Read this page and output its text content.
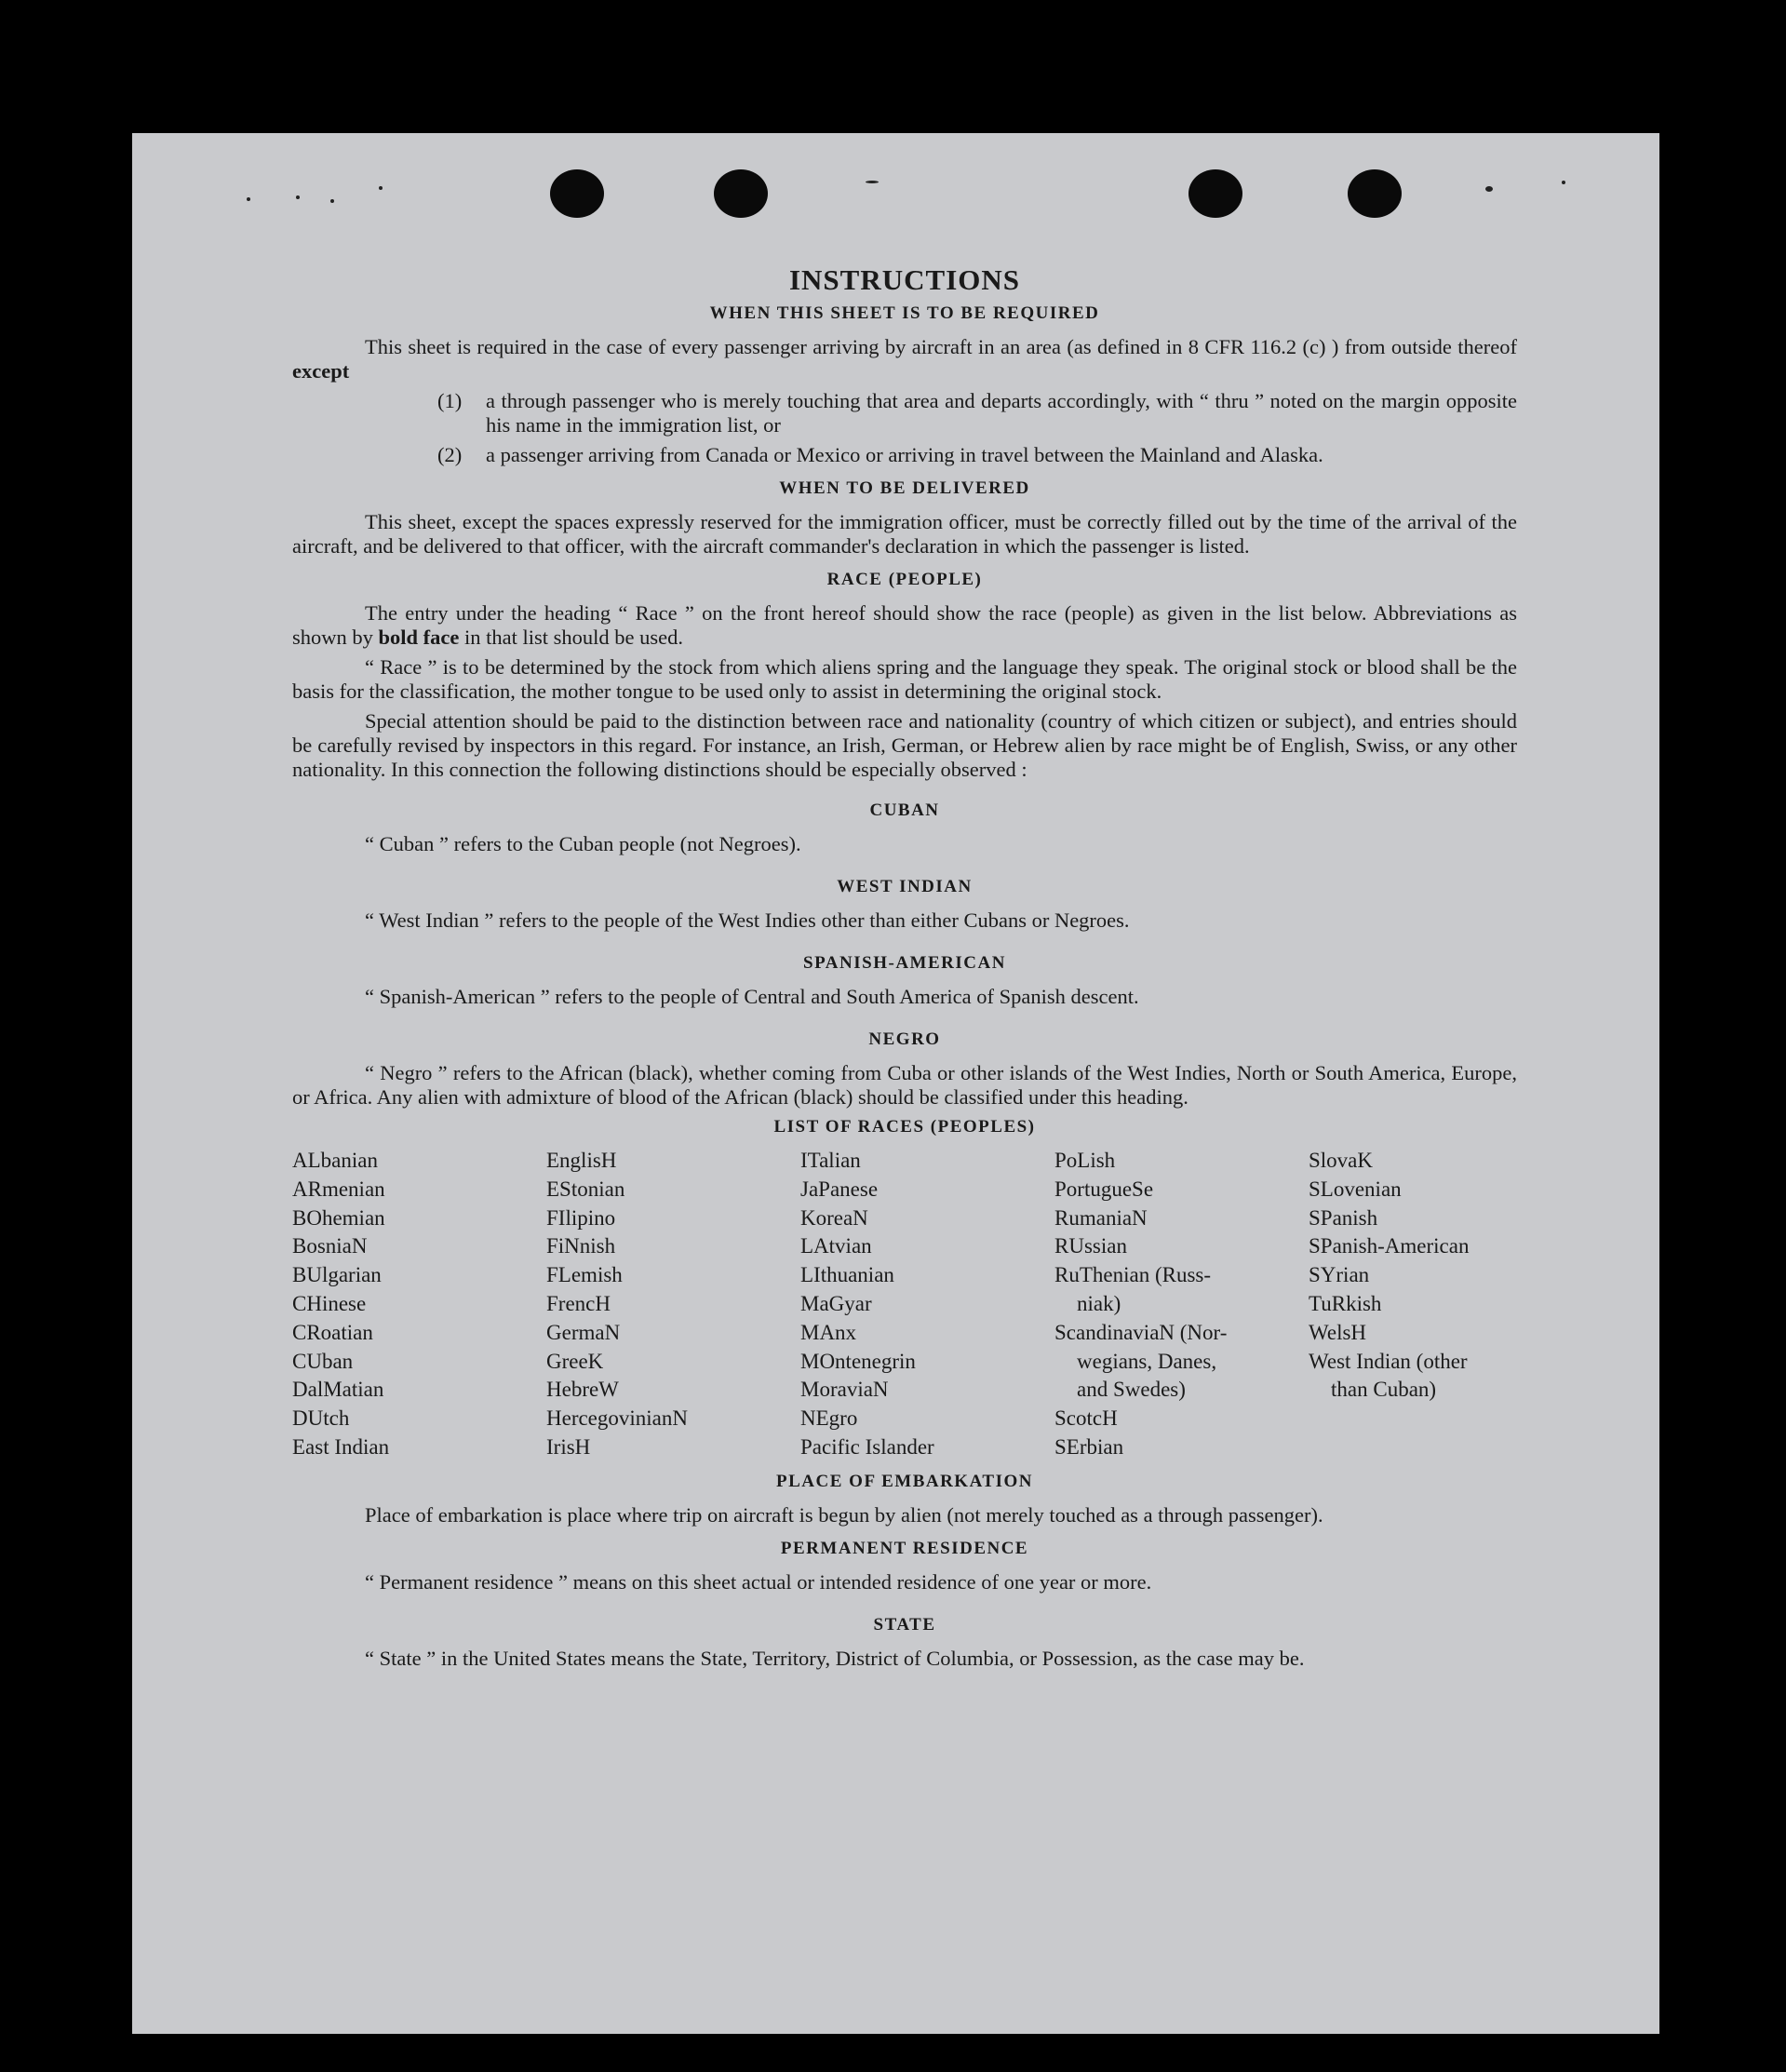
INSTRUCTIONS
WHEN THIS SHEET IS TO BE REQUIRED
This sheet is required in the case of every passenger arriving by aircraft in an area (as defined in 8 CFR 116.2 (c) ) from outside thereof except
(1)	a through passenger who is merely touching that area and departs accordingly, with “ thru ” noted on the margin opposite his name in the immigration list, or
(2)	a passenger arriving from Canada or Mexico or arriving in travel between the Mainland and Alaska.
WHEN TO BE DELIVERED
This sheet, except the spaces expressly reserved for the immigration officer, must be correctly filled out by the time of the arrival of the aircraft, and be delivered to that officer, with the aircraft commander's declaration in which the passenger is listed.
RACE (PEOPLE)
The entry under the heading “ Race ” on the front hereof should show the race (people) as given in the list below. Abbreviations as shown by bold face in that list should be used.
“ Race ” is to be determined by the stock from which aliens spring and the language they speak. The original stock or blood shall be the basis for the classification, the mother tongue to be used only to assist in determining the original stock.
Special attention should be paid to the distinction between race and nationality (country of which citizen or subject), and entries should be carefully revised by inspectors in this regard. For instance, an Irish, German, or Hebrew alien by race might be of English, Swiss, or any other nationality. In this connection the following distinctions should be especially observed :
CUBAN
“ Cuban ” refers to the Cuban people (not Negroes).
WEST INDIAN
“ West Indian ” refers to the people of the West Indies other than either Cubans or Negroes.
SPANISH-AMERICAN
“ Spanish-American ” refers to the people of Central and South America of Spanish descent.
NEGRO
“ Negro ” refers to the African (black), whether coming from Cuba or other islands of the West Indies, North or South America, Europe, or Africa. Any alien with admixture of blood of the African (black) should be classified under this heading.
LIST OF RACES (PEOPLES)
ALbanian
ARmenian
BOhemian
BosniaN
BUlgarian
CHinese
CRoatian
CUban
DalMatian
DUtch
East Indian
EnglisH
EStonian
FIlipino
FiNnish
FLemish
FrencH
GermaN
GreeK
HebreW
HercegovinianN
IrisH
ITalian
JaPanese
KoreaN
LAtvian
LIthuanian
MaGyar
MAnx
MOntenegrin
MoraviaN
NEgro
Pacific Islander
PoLish
PortugueSe
RumaniaN
RUssian
RuThenian (Russ-
niak)
ScandinaviaN (Nor-
wegians, Danes,
and Swedes)
ScotcH
SErbian
SlovaK
SLovenian
SPanish
SPanish-American
SYrian
TuRkish
WelsH
West Indian (other
than Cuban)
PLACE OF EMBARKATION
Place of embarkation is place where trip on aircraft is begun by alien (not merely touched as a through passenger).
PERMANENT RESIDENCE
“ Permanent residence ” means on this sheet actual or intended residence of one year or more.
STATE
“ State ” in the United States means the State, Territory, District of Columbia, or Possession, as the case may be.
